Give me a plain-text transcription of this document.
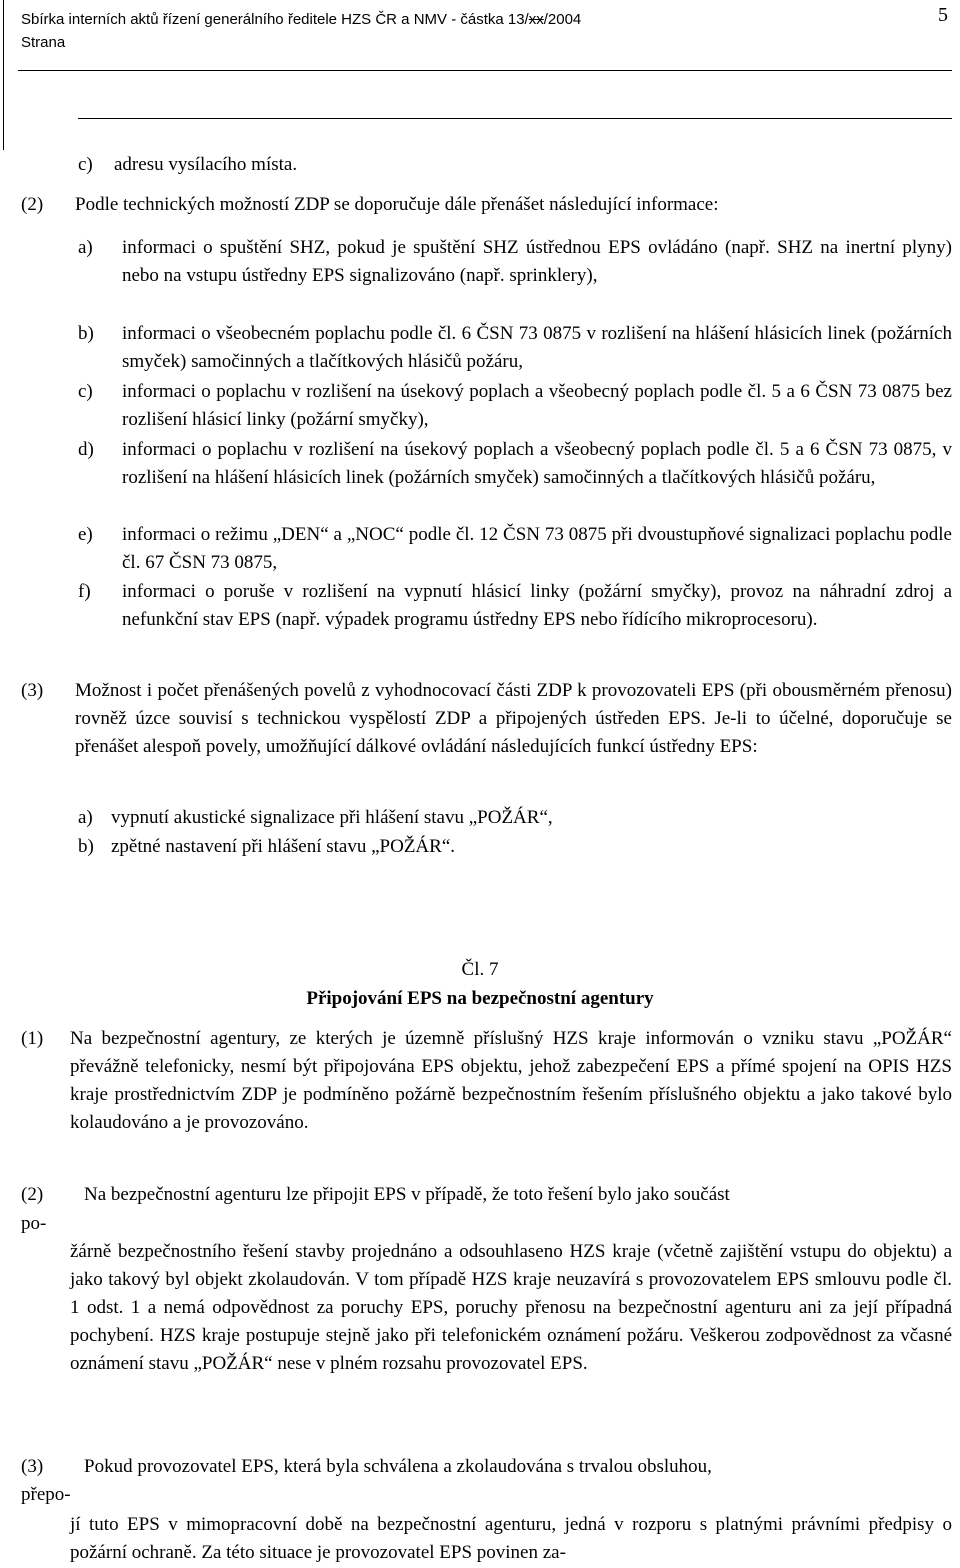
Sbírka interních aktů řízení generálního ředitele HZS ČR a NMV - částka 13/xx/2004
Strana
5
c) adresu vysílacího místa.
(2) Podle technických možností ZDP se doporučuje dále přenášet následující informace:
a) informaci o spuštění SHZ, pokud je spuštění SHZ ústřednou EPS ovládáno (např. SHZ na inertní plyny) nebo na vstupu ústředny EPS signalizováno (např. sprinklery),
b) informaci o všeobecném poplachu podle čl. 6 ČSN 73 0875 v rozlišení na hlášení hlásicích linek (požárních smyček) samočinných a tlačítkových hlásičů požáru,
c) informaci o poplachu v rozlišení na úsekový poplach a všeobecný poplach podle čl. 5 a 6 ČSN 73 0875 bez rozlišení hlásicí linky (požární smyčky),
d) informaci o poplachu v rozlišení na úsekový poplach a všeobecný poplach podle čl. 5 a 6 ČSN 73 0875, v rozlišení na hlášení hlásicích linek (požárních smyček) samočinných a tlačítkových hlásičů požáru,
e) informaci o režimu „DEN“ a „NOC“ podle čl. 12 ČSN 73 0875 při dvoustupňové signalizaci poplachu podle čl. 67 ČSN 73 0875,
f) informaci o poruše v rozlišení na vypnutí hlásicí linky (požární smyčky), provoz na náhradní zdroj a nefunkční stav EPS (např. výpadek programu ústředny EPS nebo řídícího mikroprocesoru).
(3) Možnost i počet přenášených povelů z vyhodnocovací části ZDP k provozovateli EPS (při obousměrném přenosu) rovněž úzce souvisí s technickou vyspělostí ZDP a připojených ústředen EPS. Je-li to účelné, doporučuje se přenášet alespoň povely, umožňující dálkové ovládání následujících funkcí ústředny EPS:
a) vypnutí akustické signalizace při hlášení stavu „POŽÁR“,
b) zpětné nastavení při hlášení stavu „POŽÁR“.
Čl. 7
Připojování EPS na bezpečnostní agentury
(1) Na bezpečnostní agentury, ze kterých je územně příslušný HZS kraje informován o vzniku stavu „POŽÁR“ převážně telefonicky, nesmí být připojována EPS objektu, jehož zabezpečení EPS a přímé spojení na OPIS HZS kraje prostřednictvím ZDP je podmíněno požárně bezpečnostním řešením příslušného objektu a jako takové bylo kolaudováno a je provozováno.
(2) Na bezpečnostní agenturu lze připojit EPS v případě, že toto řešení bylo jako součást
po-
žárně bezpečnostního řešení stavby projednáno a odsouhlaseno HZS kraje (včetně zajištění vstupu do objektu) a jako takový byl objekt zkolaudován. V tom případě HZS kraje neuzavírá s provozovatelem EPS smlouvu podle čl. 1 odst. 1 a nemá odpovědnost za poruchy EPS, poruchy přenosu na bezpečnostní agenturu ani za její případná pochybení. HZS kraje postupuje stejně jako při telefonickém oznámení požáru. Veškerou zodpovědnost za včasné oznámení stavu „POŽÁR“ nese v plném rozsahu provozovatel EPS.
(3) Pokud provozovatel EPS, která byla schválena a zkolaudována s trvalou obsluhou,
přepo-
jí tuto EPS v mimopracovní době na bezpečnostní agenturu, jedná v rozporu s platnými právními předpisy o požární ochraně. Za této situace je provozovatel EPS povinen za-
